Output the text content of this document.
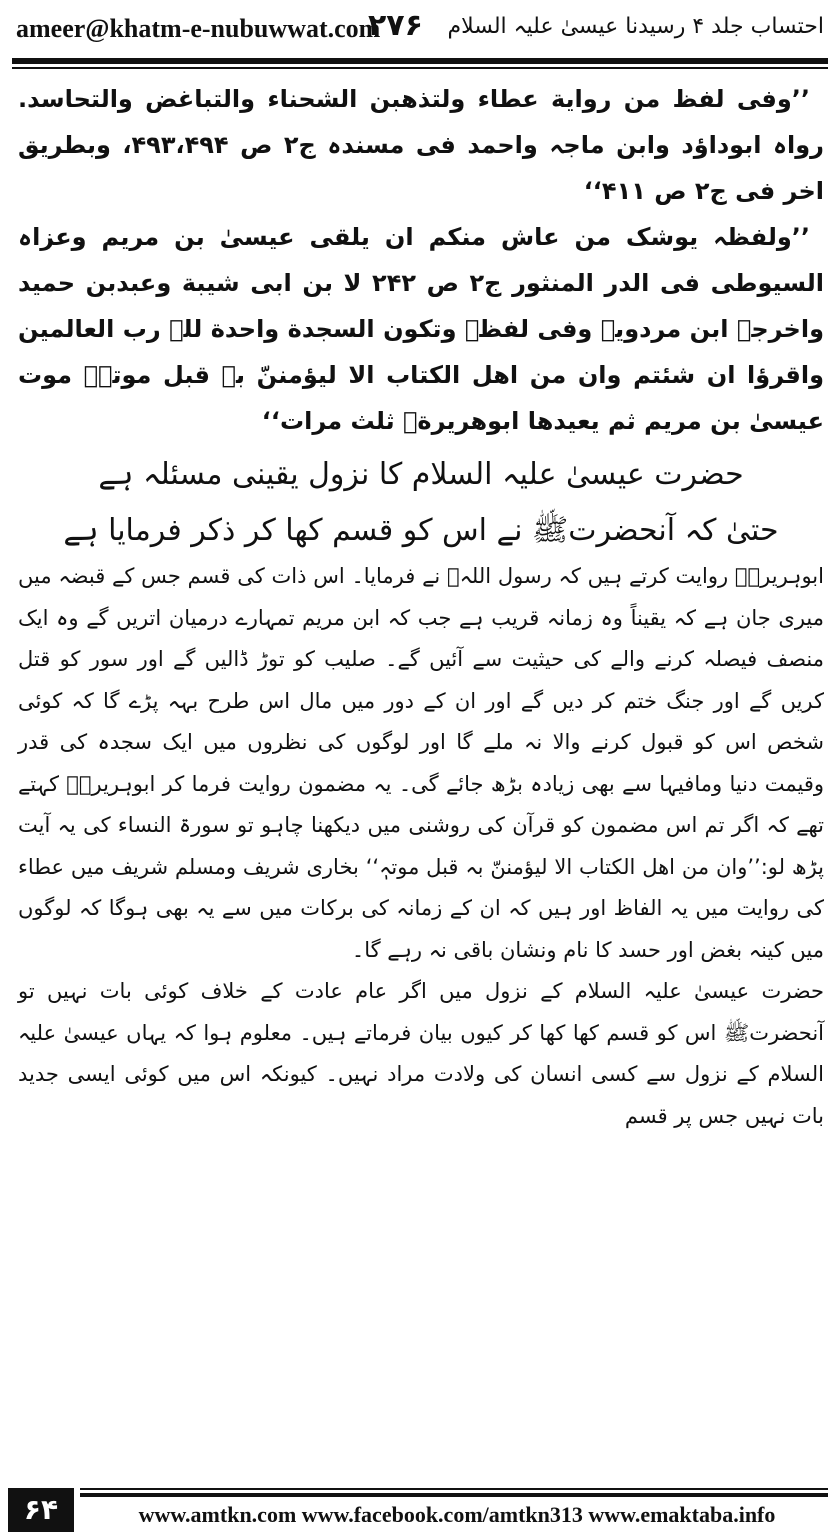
ameer@khatm-e-nubuwwat.com
۲۷۶ احتساب جلد ۴ رسیدنا عیسیٰ علیہ السلام

’’وفی لفظ من روایة عطاء ولتذهبن الشحناء والتباغض والتحاسد. رواہ ابوداؤد وابن ماجہ واحمد فی مسندہ ج۲ ص ۴۹۳،۴۹۴، وبطریق اخر فی ج۲ ص ۴۱۱‘‘

’’ولفظہ یوشک من عاش منکم ان یلقی عیسیٰ بن مریم وعزاہ السیوطی فی الدر المنثور ج۲ ص ۲۴۲ لا بن ابی شیبة وعبدبن حمید واخرجہ ابن مردویہ وفی لفظہ وتکون السجدة واحدة للہ رب العالمین واقرؤا ان شئتم وان من اھل الکتاب الا لیؤمننّ بہ قبل موتہٖ موت عیسیٰ بن مریم ثم یعیدھا ابوھریرةؓ ثلث مرات‘‘

حضرت عیسیٰ علیہ السلام کا نزول یقینی مسئلہ ہے
حتیٰ کہ آنحضرتﷺ نے اس کو قسم کھا کر ذکر فرمایا ہے

ابوہریرہؓ روایت کرتے ہیں کہ رسول اللہﷺ نے فرمایا۔ اس ذات کی قسم جس کے قبضہ میں میری جان ہے کہ یقیناً وہ زمانہ قریب ہے جب کہ ابن مریم تمہارے درمیان اتریں گے وہ ایک منصف فیصلہ کرنے والے کی حیثیت سے آئیں گے۔ صلیب کو توڑ ڈالیں گے اور سور کو قتل کریں گے اور جنگ ختم کر دیں گے اور ان کے دور میں مال اس طرح بہہ پڑے گا کہ کوئی شخص اس کو قبول کرنے والا نہ ملے گا اور لوگوں کی نظروں میں ایک سجدہ کی قدر وقیمت دنیا ومافیہا سے بھی زیادہ بڑھ جائے گی۔ یہ مضمون روایت فرما کر ابوہریرہؓ کہتے تھے کہ اگر تم اس مضمون کو قرآن کی روشنی میں دیکھنا چاہو تو سورۃ النساء کی یہ آیت پڑھ لو:’’وان من اھل الکتاب الا لیؤمننّ بہ قبل موتہٖ‘‘ بخاری شریف ومسلم شریف میں عطاء کی روایت میں یہ الفاظ اور ہیں کہ ان کے زمانہ کی برکات میں سے یہ بھی ہوگا کہ لوگوں میں کینہ بغض اور حسد کا نام ونشان باقی نہ رہے گا۔

حضرت عیسیٰ علیہ السلام کے نزول میں اگر عام عادت کے خلاف کوئی بات نہیں تو آنحضرتﷺ اس کو قسم کھا کھا کر کیوں بیان فرماتے ہیں۔ معلوم ہوا کہ یہاں عیسیٰ علیہ السلام کے نزول سے کسی انسان کی ولادت مراد نہیں۔ کیونکہ اس میں کوئی ایسی جدید بات نہیں جس پر قسم

۶۴	www.amtkn.com www.facebook.com/amtkn313 www.emaktaba.info
